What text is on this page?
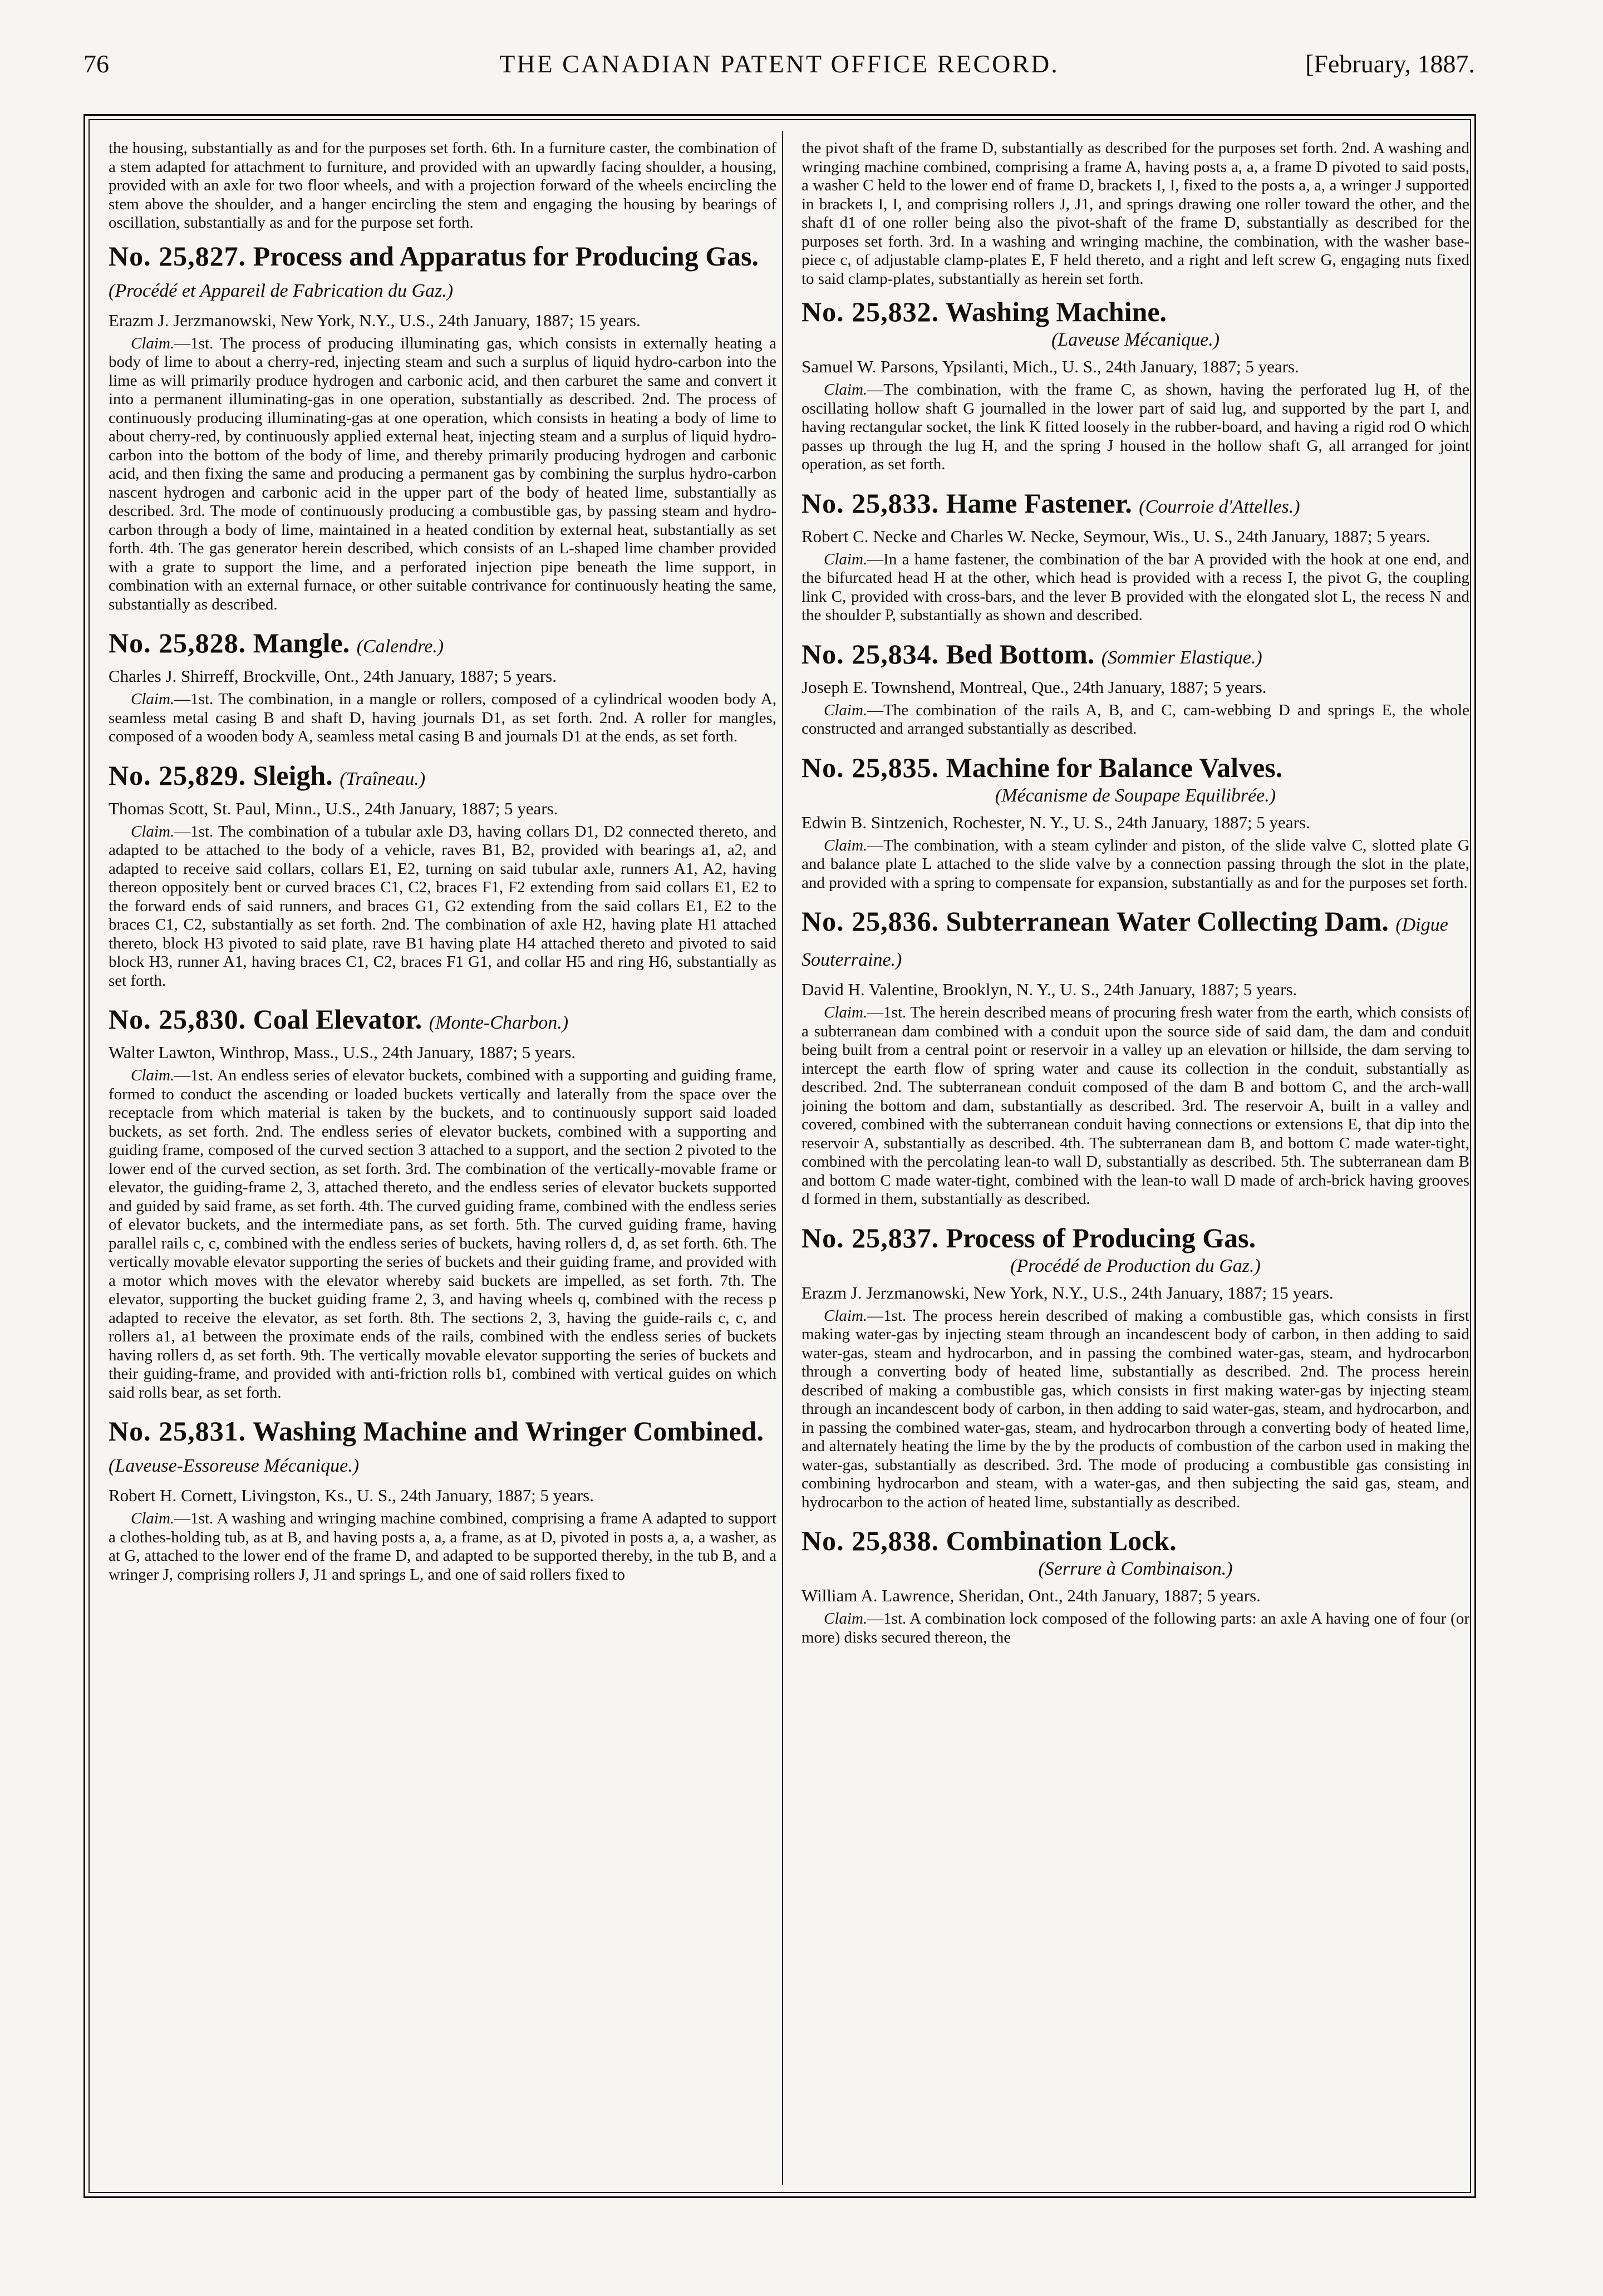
76	THE CANADIAN PATENT OFFICE RECORD.	[February, 1887.

the housing, substantially as and for the purposes set forth. 6th. In a furniture caster, the combination of a stem adapted for attachment to furniture, and provided with an upwardly facing shoulder, a housing, provided with an axle for two floor wheels, and with a projection forward of the wheels encircling the stem above the shoulder, and a hanger encircling the stem and engaging the housing by bearings of oscillation, substantially as and for the purpose set forth.

No. 25,827. Process and Apparatus for Producing Gas. (Procédé et Appareil de Fabrication du Gaz.)

Erazm J. Jerzmanowski, New York, N.Y., U.S., 24th January, 1887; 15 years.

Claim.—1st. The process of producing illuminating gas, which consists in externally heating a body of lime to about a cherry-red, injecting steam and such a surplus of liquid hydro-carbon into the lime as will primarily produce hydrogen and carbonic acid, and then carburet the same and convert it into a permanent illuminating-gas in one operation, substantially as described. 2nd. The process of continuously producing illuminating-gas at one operation, which consists in heating a body of lime to about cherry-red, by continuously applied external heat, injecting steam and a surplus of liquid hydro-carbon into the bottom of the body of lime, and thereby primarily producing hydrogen and carbonic acid, and then fixing the same and producing a permanent gas by combining the surplus hydro-carbon nascent hydrogen and carbonic acid in the upper part of the body of heated lime, substantially as described. 3rd. The mode of continuously producing a combustible gas, by passing steam and hydro-carbon through a body of lime, maintained in a heated condition by external heat, substantially as set forth. 4th. The gas generator herein described, which consists of an L-shaped lime chamber provided with a grate to support the lime, and a perforated injection pipe beneath the lime support, in combination with an external furnace, or other suitable contrivance for continuously heating the same, substantially as described.

No. 25,828. Mangle. (Calendre.)

Charles J. Shirreff, Brockville, Ont., 24th January, 1887; 5 years.

Claim.—1st. The combination, in a mangle or rollers, composed of a cylindrical wooden body A, seamless metal casing B and shaft D, having journals D1, as set forth. 2nd. A roller for mangles, composed of a wooden body A, seamless metal casing B and journals D1 at the ends, as set forth.

No. 25,829. Sleigh. (Traîneau.)

Thomas Scott, St. Paul, Minn., U.S., 24th January, 1887; 5 years.

Claim.—1st. The combination of a tubular axle D3, having collars D1, D2 connected thereto, and adapted to be attached to the body of a vehicle, raves B1, B2, provided with bearings a1, a2, and adapted to receive said collars, collars E1, E2, turning on said tubular axle, runners A1, A2, having thereon oppositely bent or curved braces C1, C2, braces F1, F2 extending from said collars E1, E2 to the forward ends of said runners, and braces G1, G2 extending from the said collars E1, E2 to the braces C1, C2, substantially as set forth. 2nd. The combination of axle H2, having plate H1 attached thereto, block H3 pivoted to said plate, rave B1 having plate H4 attached thereto and pivoted to said block H3, runner A1, having braces C1, C2, braces F1 G1, and collar H5 and ring H6, substantially as set forth.

No. 25,830. Coal Elevator. (Monte-Charbon.)

Walter Lawton, Winthrop, Mass., U.S., 24th January, 1887; 5 years.

Claim.—1st. An endless series of elevator buckets, combined with a supporting and guiding frame, formed to conduct the ascending or loaded buckets vertically and laterally from the space over the receptacle from which material is taken by the buckets, and to continuously support said loaded buckets, as set forth. 2nd. The endless series of elevator buckets, combined with a supporting and guiding frame, composed of the curved section 3 attached to a support, and the section 2 pivoted to the lower end of the curved section, as set forth. 3rd. The combination of the vertically-movable frame or elevator, the guiding-frame 2, 3, attached thereto, and the endless series of elevator buckets supported and guided by said frame, as set forth. 4th. The curved guiding frame, combined with the endless series of elevator buckets, and the intermediate pans, as set forth. 5th. The curved guiding frame, having parallel rails c, c, combined with the endless series of buckets, having rollers d, d, as set forth. 6th. The vertically movable elevator supporting the series of buckets and their guiding frame, and provided with a motor which moves with the elevator whereby said buckets are impelled, as set forth. 7th. The elevator, supporting the bucket guiding frame 2, 3, and having wheels q, combined with the recess p adapted to receive the elevator, as set forth. 8th. The sections 2, 3, having the guide-rails c, c, and rollers a1, a1 between the proximate ends of the rails, combined with the endless series of buckets having rollers d, as set forth. 9th. The vertically movable elevator supporting the series of buckets and their guiding-frame, and provided with anti-friction rolls b1, combined with vertical guides on which said rolls bear, as set forth.

No. 25,831. Washing Machine and Wringer Combined. (Laveuse-Essoreuse Mécanique.)

Robert H. Cornett, Livingston, Ks., U. S., 24th January, 1887; 5 years.

Claim.—1st. A washing and wringing machine combined, comprising a frame A adapted to support a clothes-holding tub, as at B, and having posts a, a, a frame, as at D, pivoted in posts a, a, a washer, as at G, attached to the lower end of the frame D, and adapted to be supported thereby, in the tub B, and a wringer J, comprising rollers J, J1 and springs L, and one of said rollers fixed to

the pivot shaft of the frame D, substantially as described for the purposes set forth. 2nd. A washing and wringing machine combined, comprising a frame A, having posts a, a, a frame D pivoted to said posts, a washer C held to the lower end of frame D, brackets I, I, fixed to the posts a, a, a wringer J supported in brackets I, I, and comprising rollers J, J1, and springs drawing one roller toward the other, and the shaft d1 of one roller being also the pivot-shaft of the frame D, substantially as described for the purposes set forth. 3rd. In a washing and wringing machine, the combination, with the washer base-piece c, of adjustable clamp-plates E, F held thereto, and a right and left screw G, engaging nuts fixed to said clamp-plates, substantially as herein set forth.

No. 25,832. Washing Machine.
(Laveuse Mécanique.)

Samuel W. Parsons, Ypsilanti, Mich., U. S., 24th January, 1887; 5 years.

Claim.—The combination, with the frame C, as shown, having the perforated lug H, of the oscillating hollow shaft G journalled in the lower part of said lug, and supported by the part I, and having rectangular socket, the link K fitted loosely in the rubber-board, and having a rigid rod O which passes up through the lug H, and the spring J housed in the hollow shaft G, all arranged for joint operation, as set forth.

No. 25,833. Hame Fastener. (Courroie d'Attelles.)

Robert C. Necke and Charles W. Necke, Seymour, Wis., U. S., 24th January, 1887; 5 years.

Claim.—In a hame fastener, the combination of the bar A provided with the hook at one end, and the bifurcated head H at the other, which head is provided with a recess I, the pivot G, the coupling link C, provided with cross-bars, and the lever B provided with the elongated slot L, the recess N and the shoulder P, substantially as shown and described.

No. 25,834. Bed Bottom. (Sommier Elastique.)

Joseph E. Townshend, Montreal, Que., 24th January, 1887; 5 years.

Claim.—The combination of the rails A, B, and C, cam-webbing D and springs E, the whole constructed and arranged substantially as described.

No. 25,835. Machine for Balance Valves.
(Mécanisme de Soupape Equilibrée.)

Edwin B. Sintzenich, Rochester, N. Y., U. S., 24th January, 1887; 5 years.

Claim.—The combination, with a steam cylinder and piston, of the slide valve C, slotted plate G and balance plate L attached to the slide valve by a connection passing through the slot in the plate, and provided with a spring to compensate for expansion, substantially as and for the purposes set forth.

No. 25,836. Subterranean Water Collecting Dam. (Digue Souterraine.)

David H. Valentine, Brooklyn, N. Y., U. S., 24th January, 1887; 5 years.

Claim.—1st. The herein described means of procuring fresh water from the earth, which consists of a subterranean dam combined with a conduit upon the source side of said dam, the dam and conduit being built from a central point or reservoir in a valley up an elevation or hillside, the dam serving to intercept the earth flow of spring water and cause its collection in the conduit, substantially as described. 2nd. The subterranean conduit composed of the dam B and bottom C, and the arch-wall joining the bottom and dam, substantially as described. 3rd. The reservoir A, built in a valley and covered, combined with the subterranean conduit having connections or extensions E, that dip into the reservoir A, substantially as described. 4th. The subterranean dam B, and bottom C made water-tight, combined with the percolating lean-to wall D, substantially as described. 5th. The subterranean dam B and bottom C made water-tight, combined with the lean-to wall D made of arch-brick having grooves d formed in them, substantially as described.

No. 25,837. Process of Producing Gas.
(Procédé de Production du Gaz.)

Erazm J. Jerzmanowski, New York, N.Y., U.S., 24th January, 1887; 15 years.

Claim.—1st. The process herein described of making a combustible gas, which consists in first making water-gas by injecting steam through an incandescent body of carbon, in then adding to said water-gas, steam and hydrocarbon, and in passing the combined water-gas, steam, and hydrocarbon through a converting body of heated lime, substantially as described. 2nd. The process herein described of making a combustible gas, which consists in first making water-gas by injecting steam through an incandescent body of carbon, in then adding to said water-gas, steam, and hydrocarbon, and in passing the combined water-gas, steam, and hydrocarbon through a converting body of heated lime, and alternately heating the lime by the by the products of combustion of the carbon used in making the water-gas, substantially as described. 3rd. The mode of producing a combustible gas consisting in combining hydrocarbon and steam, with a water-gas, and then subjecting the said gas, steam, and hydrocarbon to the action of heated lime, substantially as described.

No. 25,838. Combination Lock.
(Serrure à Combinaison.)

William A. Lawrence, Sheridan, Ont., 24th January, 1887; 5 years.

Claim.—1st. A combination lock composed of the following parts: an axle A having one of four (or more) disks secured thereon, the
